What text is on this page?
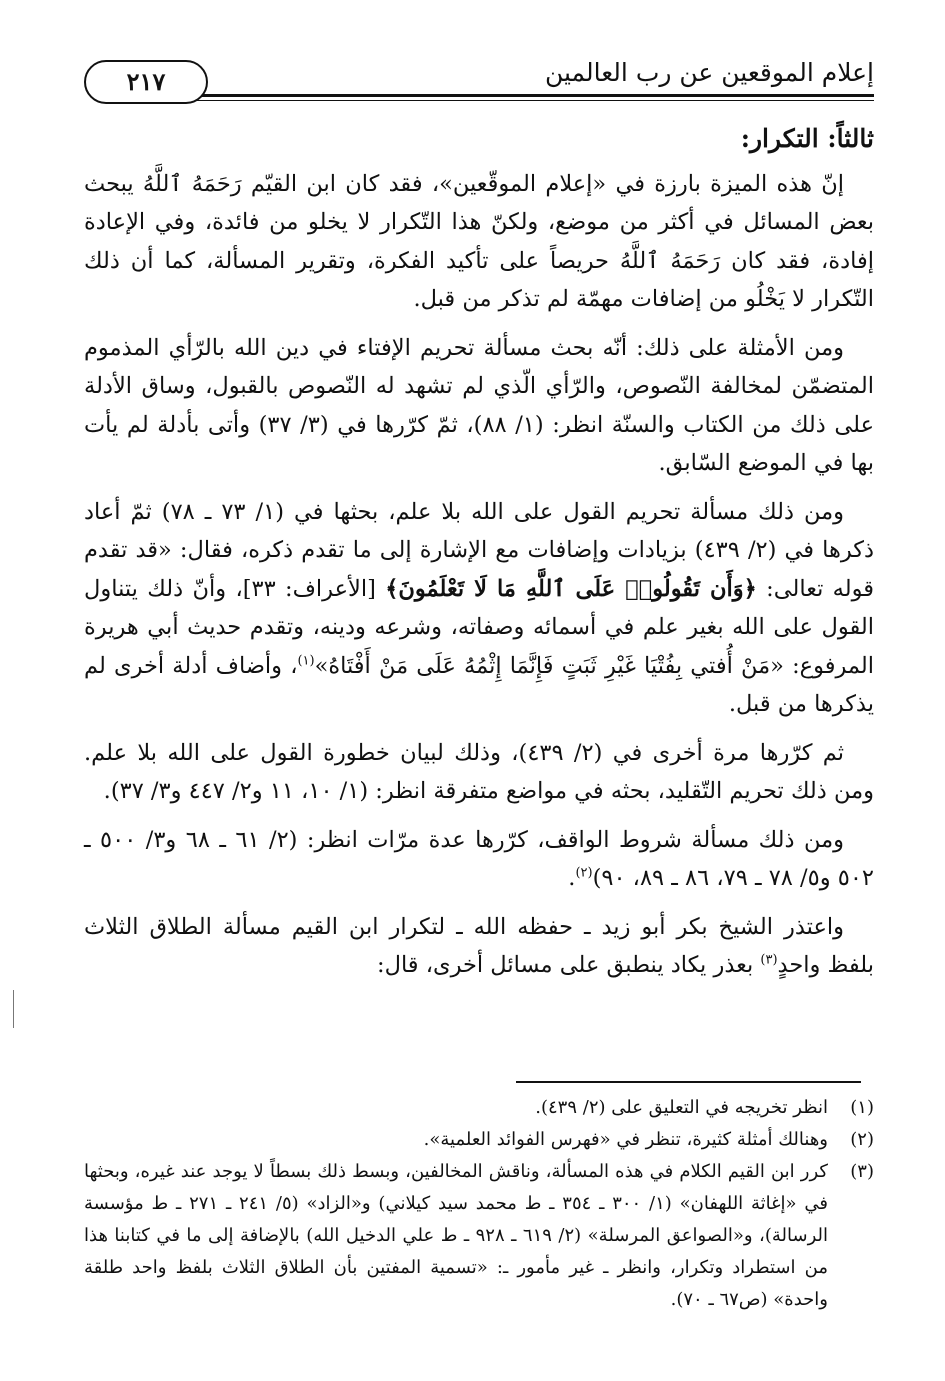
إعلام الموقعين عن رب العالمين
٢١٧
ثالثاً: التكرار:

إنّ هذه الميزة بارزة في «إعلام الموقّعين»، فقد كان ابن القيّم رَحَمَهُ ٱللَّهُ يبحث بعض المسائل في أكثر من موضع، ولكنّ هذا التّكرار لا يخلو من فائدة، وفي الإعادة إفادة، فقد كان رَحَمَهُ ٱللَّهُ حريصاً على تأكيد الفكرة، وتقرير المسألة، كما أن ذلك التّكرار لا يَخْلُو من إضافات مهمّة لم تذكر من قبل.

ومن الأمثلة على ذلك: أنّه بحث مسألة تحريم الإفتاء في دين الله بالرّأي المذموم المتضمّن لمخالفة النّصوص، والرّأي الّذي لم تشهد له النّصوص بالقبول، وساق الأدلة على ذلك من الكتاب والسنّة انظر: (١/ ٨٨)، ثمّ كرّرها في (٣/ ٣٧) وأتى بأدلة لم يأت بها في الموضع السّابق.

ومن ذلك مسألة تحريم القول على الله بلا علم، بحثها في (١/ ٧٣ ـ ٧٨) ثمّ أعاد ذكرها في (٢/ ٤٣٩) بزيادات وإضافات مع الإشارة إلى ما تقدم ذكره، فقال: «قد تقدم قوله تعالى: ﴿وَأَن تَقُولُوا۟ عَلَى ٱللَّهِ مَا لَا تَعْلَمُونَ﴾ [الأعراف: ٣٣]، وأنّ ذلك يتناول القول على الله بغير علم في أسمائه وصفاته، وشرعه ودينه، وتقدم حديث أبي هريرة المرفوع: «مَنْ أُفتي بِفُتْيَا غَيْرِ ثَبَتٍ فَإِنَّمَا إِثْمُهُ عَلَى مَنْ أَفْتَاهُ»$^{(١)}$، وأضاف أدلة أخرى لم يذكرها من قبل.

ثم كرّرها مرة أخرى في (٢/ ٤٣٩)، وذلك لبيان خطورة القول على الله بلا علم. ومن ذلك تحريم التّقليد، بحثه في مواضع متفرقة انظر: (١/ ١٠، ١١ و٢/ ٤٤٧ و٣/ ٣٧).

ومن ذلك مسألة شروط الواقف، كرّرها عدة مرّات انظر: (٢/ ٦١ ـ ٦٨ و٣/ ٥٠٠ ـ ٥٠٢ و٥/ ٧٨ ـ ٧٩، ٨٦ ـ ٨٩، ٩٠)$^{(٢)}$.

واعتذر الشيخ بكر أبو زيد ـ حفظه الله ـ لتكرار ابن القيم مسألة الطلاق الثلاث بلفظ واحدٍ$^{(٣)}$ بعذر يكاد ينطبق على مسائل أخرى، قال:

(١)
انظر تخريجه في التعليق على (٢/ ٤٣٩).
(٢)
وهنالك أمثلة كثيرة، تنظر في «فهرس الفوائد العلمية».
(٣)
كرر ابن القيم الكلام في هذه المسألة، وناقش المخالفين، وبسط ذلك بسطاً لا يوجد عند غيره، وبحثها في «إغاثة اللهفان» (١/ ٣٠٠ ـ ٣٥٤ ـ ط محمد سيد كيلاني) و«الزاد» (٥/ ٢٤١ ـ ٢٧١ ـ ط مؤسسة الرسالة)، و«الصواعق المرسلة» (٢/ ٦١٩ ـ ٩٢٨ ـ ط علي الدخيل الله) بالإضافة إلى ما في كتابنا هذا من استطراد وتكرار، وانظر ـ غير مأمور ـ: «تسمية المفتين بأن الطلاق الثلاث بلفظ واحد طلقة واحدة» (ص٦٧ ـ ٧٠).
